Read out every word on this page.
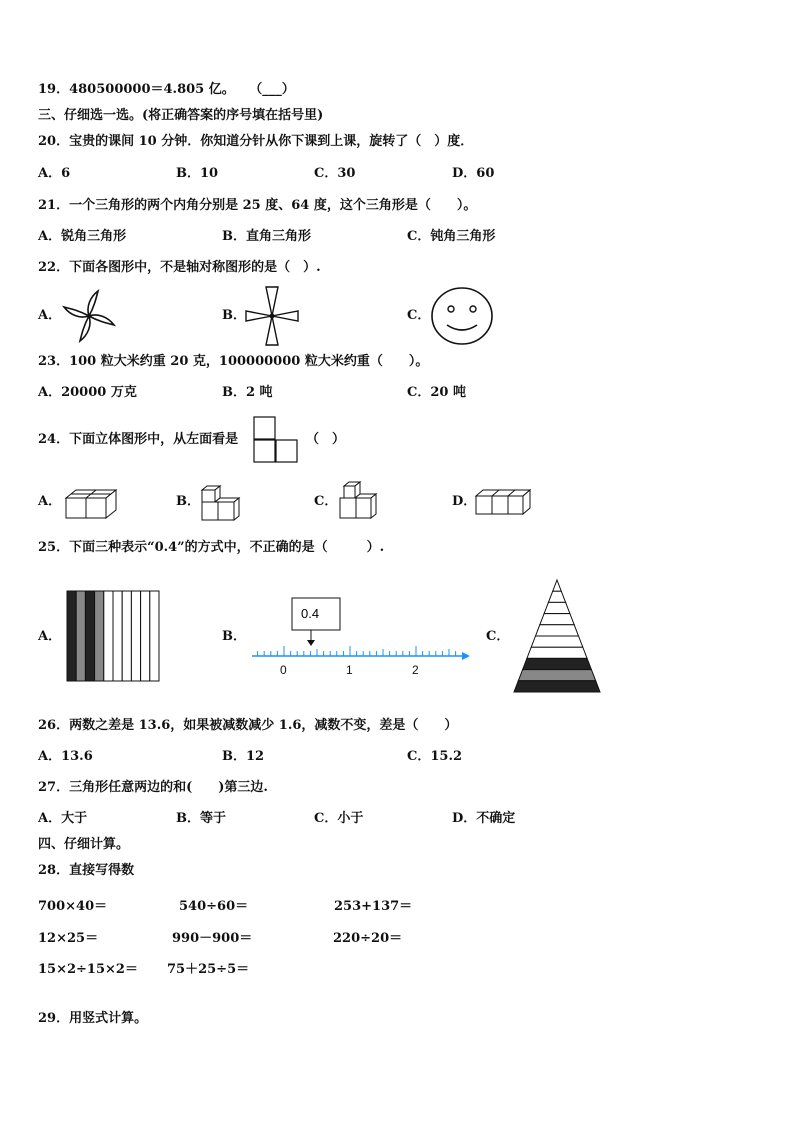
19．480500000＝4.805 亿。 （___）
三、仔细选一选。(将正确答案的序号填在括号里)
20．宝贵的课间 10 分钟．你知道分针从你下课到上课，旋转了（　）度．
A．6	B．10	C．30	D．60
21．一个三角形的两个内角分别是 25 度、64 度，这个三角形是（　　）。
A．锐角三角形	B．直角三角形	C．钝角三角形
22．下面各图形中，不是轴对称图形的是（　）.
A．	B．	C．
23．100 粒大米约重 20 克，100000000 粒大米约重（　　）。
A．20000 万克	B．2 吨	C．20 吨
24．下面立体图形中，从左面看是	（　）
A．	B．	C．	D．
25．下面三种表示“0.4”的方式中，不正确的是（　　　）.
A．	B．
0.4
0	1	2
C．
26．两数之差是 13.6，如果被减数减少 1.6，减数不变，差是（　　）
A．13.6	B．12	C．15.2
27．三角形任意两边的和(　　)第三边.
A．大于	B．等于	C．小于	D．不确定
四、仔细计算。
28．直接写得数
700×40＝	540÷60＝	253+137＝
12×25＝	990－900＝	220÷20＝
15×2÷15×2＝ 75＋25÷5＝
29．用竖式计算。
